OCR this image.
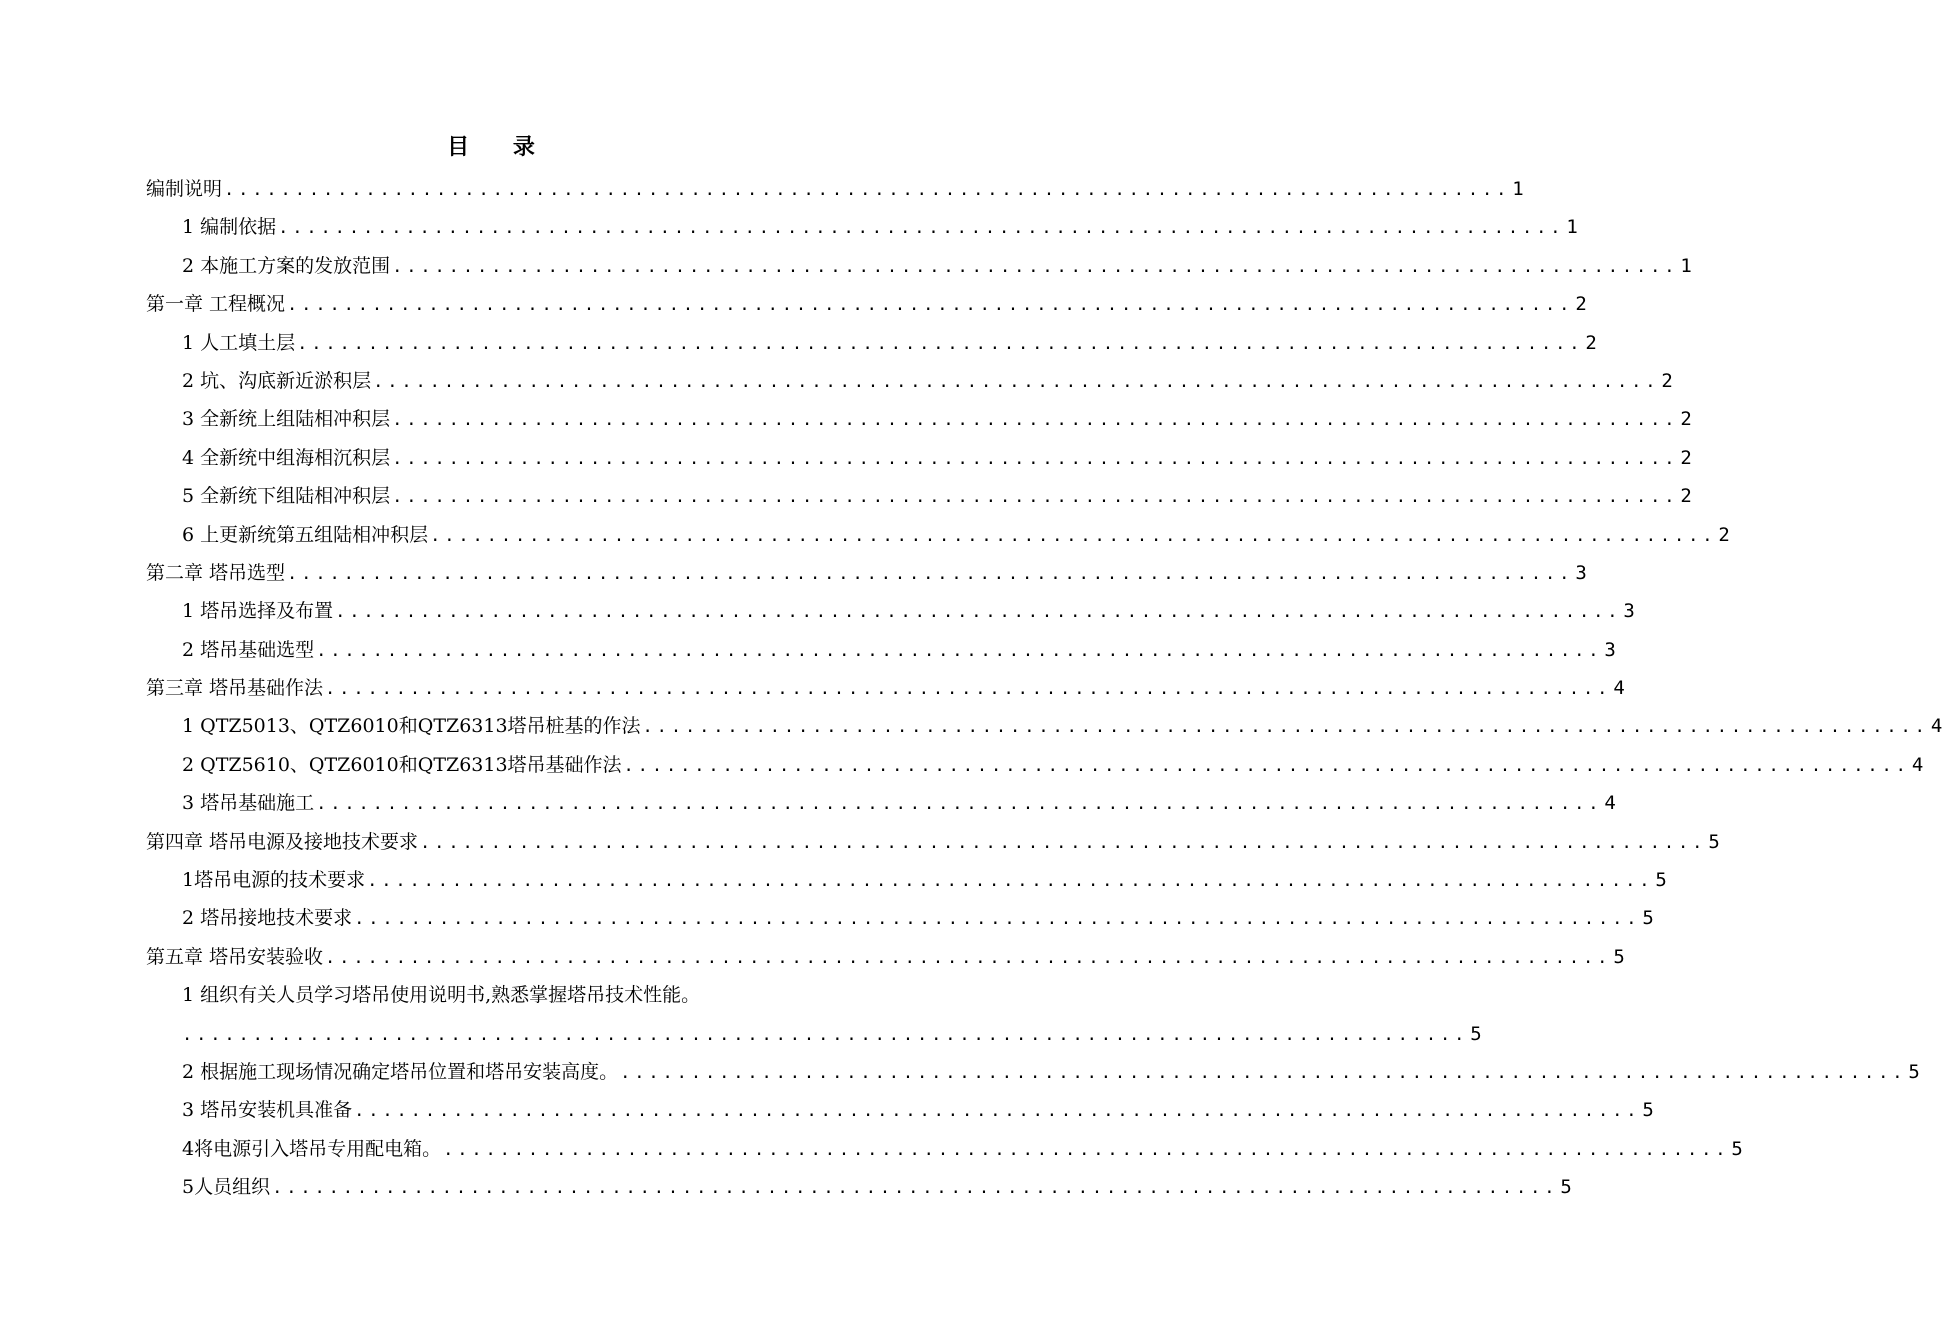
目 录
编制说明 ........................................................................................... 1
1 编制依据 ........................................................................................... 1
2 本施工方案的发放范围 ........................................................................................... 1
第一章 工程概况 ........................................................................................... 2
1 人工填土层 ........................................................................................... 2
2 坑、沟底新近淤积层 ........................................................................................... 2
3 全新统上组陆相冲积层 ........................................................................................... 2
4 全新统中组海相沉积层 ........................................................................................... 2
5 全新统下组陆相冲积层 ........................................................................................... 2
6 上更新统第五组陆相冲积层 ........................................................................................... 2
第二章 塔吊选型 ........................................................................................... 3
1 塔吊选择及布置 ........................................................................................... 3
2 塔吊基础选型 ........................................................................................... 3
第三章 塔吊基础作法 ........................................................................................... 4
1 QTZ5013、QTZ6010和QTZ6313塔吊桩基的作法 ........................................................................................... 4
2 QTZ5610、QTZ6010和QTZ6313塔吊基础作法 ........................................................................................... 4
3 塔吊基础施工 ........................................................................................... 4
第四章 塔吊电源及接地技术要求 ........................................................................................... 5
1塔吊电源的技术要求 ........................................................................................... 5
2 塔吊接地技术要求 ........................................................................................... 5
第五章 塔吊安装验收 ........................................................................................... 5
1 组织有关人员学习塔吊使用说明书,熟悉掌握塔吊技术性能。
........................................................................................... 5
2 根据施工现场情况确定塔吊位置和塔吊安装高度。 ........................................................................................... 5
3 塔吊安装机具准备 ........................................................................................... 5
4将电源引入塔吊专用配电箱。 ........................................................................................... 5
5人员组织 ........................................................................................... 5
